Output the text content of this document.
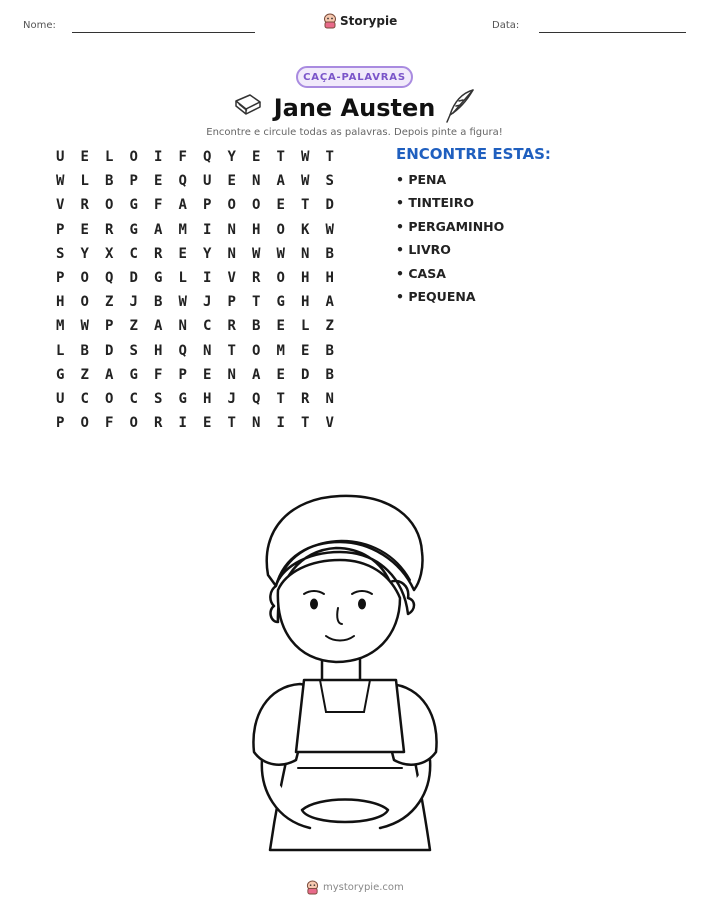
Nome:	Storypie	Data:
CAÇA-PALAVRAS
Jane Austen
Encontre e circule todas as palavras. Depois pinte a figura!
U	E	L	O	I	F	Q	Y	E	T	W	T
W	L	B	P	E	Q	U	E	N	A	W	S
V	R	O	G	F	A	P	O	O	E	T	D
P	E	R	G	A	M	I	N	H	O	K	W
S	Y	X	C	R	E	Y	N	W	W	N	B
P	O	Q	D	G	L	I	V	R	O	H	H
H	O	Z	J	B	W	J	P	T	G	H	A
M	W	P	Z	A	N	C	R	B	E	L	Z
L	B	D	S	H	Q	N	T	O	M	E	B
G	Z	A	G	F	P	E	N	A	E	D	B
U	C	O	C	S	G	H	J	Q	T	R	N
P	O	F	O	R	I	E	T	N	I	T	V
ENCONTRE ESTAS:
• PENA
• TINTEIRO
• PERGAMINHO
• LIVRO
• CASA
• PEQUENA
mystorypie.com
